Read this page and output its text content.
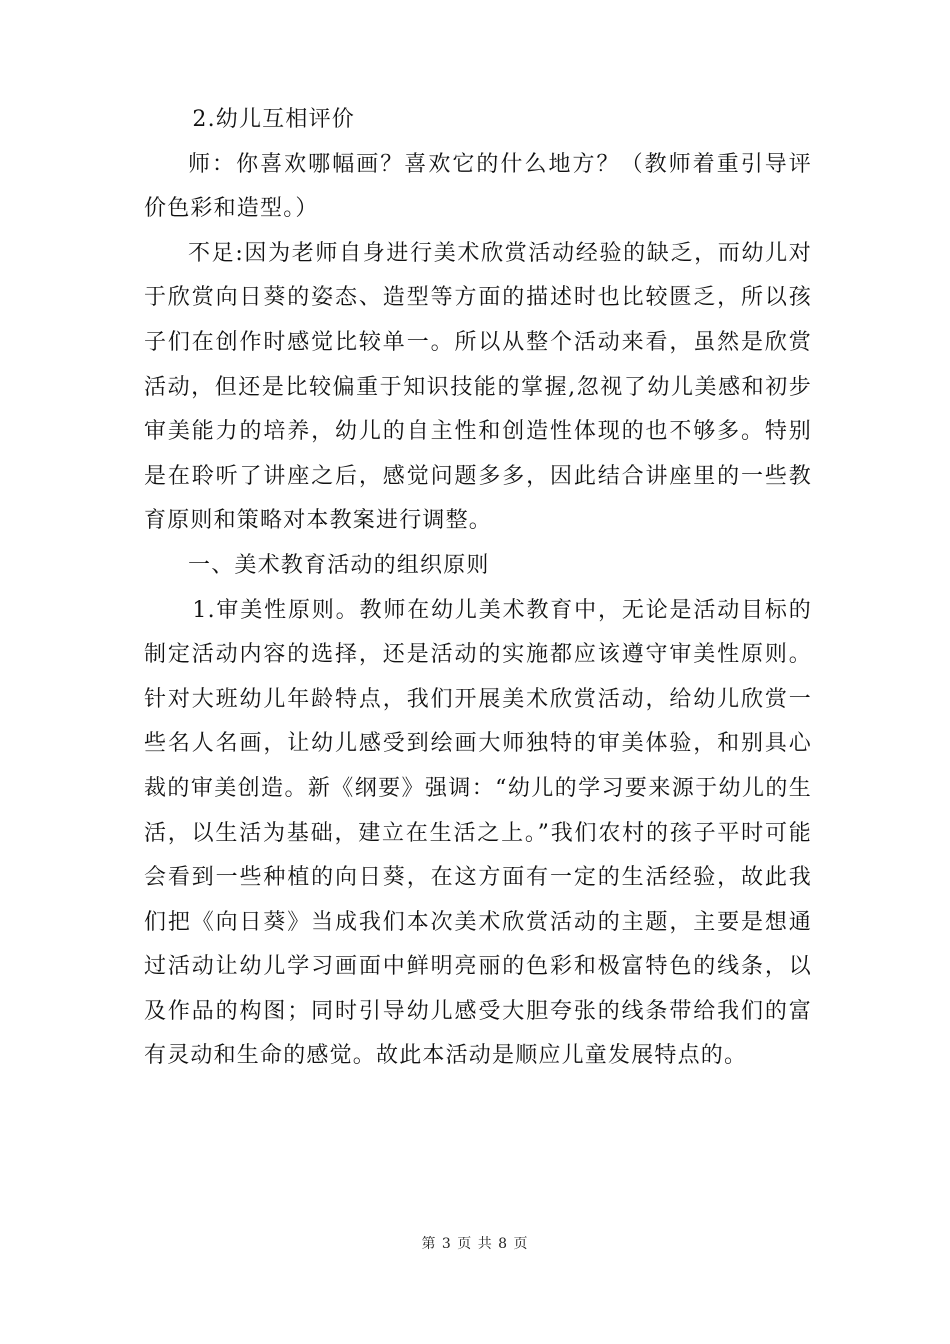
2.幼儿互相评价

师：你喜欢哪幅画？喜欢它的什么地方？（教师着重引导评价色彩和造型。）

不足:因为老师自身进行美术欣赏活动经验的缺乏，而幼儿对于欣赏向日葵的姿态、造型等方面的描述时也比较匮乏，所以孩子们在创作时感觉比较单一。所以从整个活动来看，虽然是欣赏活动，但还是比较偏重于知识技能的掌握,忽视了幼儿美感和初步审美能力的培养，幼儿的自主性和创造性体现的也不够多。特别是在聆听了讲座之后，感觉问题多多，因此结合讲座里的一些教育原则和策略对本教案进行调整。

一、美术教育活动的组织原则

1.审美性原则。教师在幼儿美术教育中，无论是活动目标的制定活动内容的选择，还是活动的实施都应该遵守审美性原则。针对大班幼儿年龄特点，我们开展美术欣赏活动，给幼儿欣赏一些名人名画，让幼儿感受到绘画大师独特的审美体验，和别具心裁的审美创造。新《纲要》强调：“幼儿的学习要来源于幼儿的生活，以生活为基础，建立在生活之上。”我们农村的孩子平时可能会看到一些种植的向日葵，在这方面有一定的生活经验，故此我们把《向日葵》当成我们本次美术欣赏活动的主题，主要是想通过活动让幼儿学习画面中鲜明亮丽的色彩和极富特色的线条，以及作品的构图；同时引导幼儿感受大胆夸张的线条带给我们的富有灵动和生命的感觉。故此本活动是顺应儿童发展特点的。

第 3 页 共 8 页
